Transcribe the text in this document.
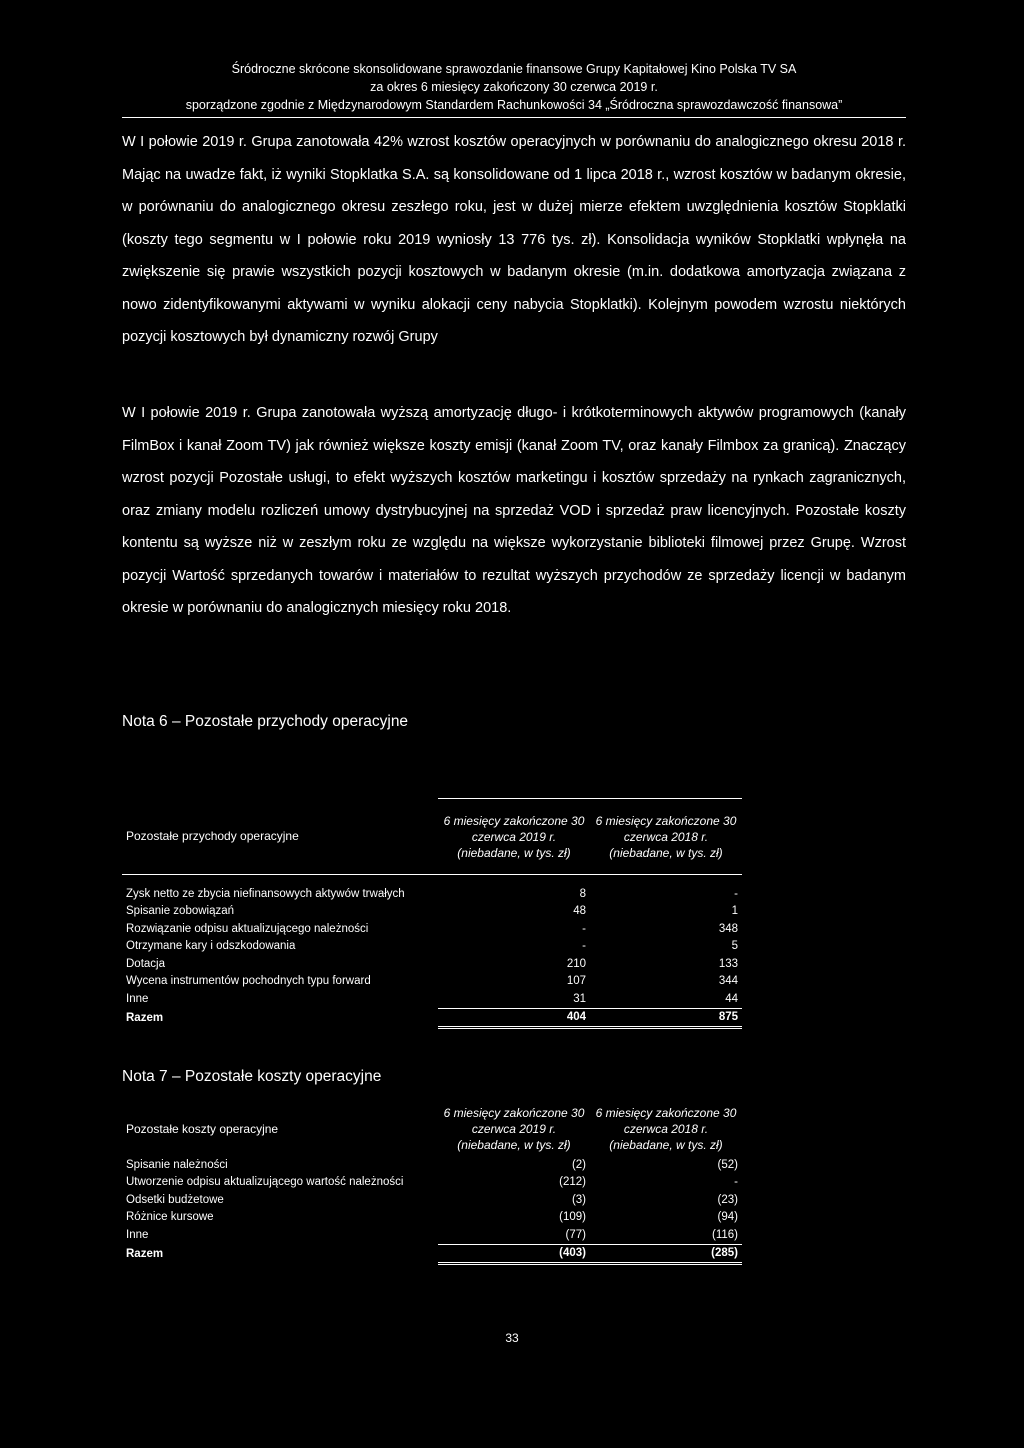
Śródroczne skrócone skonsolidowane sprawozdanie finansowe Grupy Kapitałowej Kino Polska TV SA
za okres 6 miesięcy zakończony 30 czerwca 2019 r.
sporządzone zgodnie z Międzynarodowym Standardem Rachunkowości 34 „Śródroczna sprawozdawczość finansowa”

W I połowie 2019 r. Grupa zanotowała 42% wzrost kosztów operacyjnych w porównaniu do analogicznego okresu 2018 r. Mając na uwadze fakt, iż wyniki Stopklatka S.A. są konsolidowane od 1 lipca 2018 r., wzrost kosztów w badanym okresie, w porównaniu do analogicznego okresu zeszłego roku, jest w dużej mierze efektem uwzględnienia kosztów Stopklatki (koszty tego segmentu w I połowie roku 2019 wyniosły 13 776 tys. zł). Konsolidacja wyników Stopklatki wpłynęła na zwiększenie się prawie wszystkich pozycji kosztowych w badanym okresie (m.in. dodatkowa amortyzacja związana z nowo zidentyfikowanymi aktywami w wyniku alokacji ceny nabycia Stopklatki). Kolejnym powodem wzrostu niektórych pozycji kosztowych był dynamiczny rozwój Grupy

W I połowie 2019 r. Grupa zanotowała wyższą amortyzację długo- i krótkoterminowych aktywów programowych (kanały FilmBox i kanał Zoom TV) jak również większe koszty emisji (kanał Zoom TV, oraz kanały Filmbox za granicą). Znaczący wzrost pozycji Pozostałe usługi, to efekt wyższych kosztów marketingu i kosztów sprzedaży na rynkach zagranicznych, oraz zmiany modelu rozliczeń umowy dystrybucyjnej na sprzedaż VOD i sprzedaż praw licencyjnych. Pozostałe koszty kontentu są wyższe niż w zeszłym roku ze względu na większe wykorzystanie biblioteki filmowej przez Grupę. Wzrost pozycji Wartość sprzedanych towarów i materiałów to rezultat wyższych przychodów ze sprzedaży licencji w badanym okresie w porównaniu do analogicznych miesięcy roku 2018.

Nota 6 – Pozostałe przychody operacyjne
Pozostałe przychody operacyjne	6 miesięcy zakończone 30 czerwca 2019 r. (niebadane, w tys. zł)	6 miesięcy zakończone 30 czerwca 2018 r. (niebadane, w tys. zł)
Zysk netto ze zbycia niefinansowych aktywów trwałych	8	-
Spisanie zobowiązań	48	1
Rozwiązanie odpisu aktualizującego należności	-	348
Otrzymane kary i odszkodowania	-	5
Dotacja	210	133
Wycena instrumentów pochodnych typu forward	107	344
Inne	31	44
Razem	404	875
Nota 7 – Pozostałe koszty operacyjne
Pozostałe koszty operacyjne	6 miesięcy zakończone 30 czerwca 2019 r. (niebadane, w tys. zł)	6 miesięcy zakończone 30 czerwca 2018 r. (niebadane, w tys. zł)
Spisanie należności	(2)	(52)
Utworzenie odpisu aktualizującego wartość należności	(212)	-
Odsetki budżetowe	(3)	(23)
Różnice kursowe	(109)	(94)
Inne	(77)	(116)
Razem	(403)	(285)
33
